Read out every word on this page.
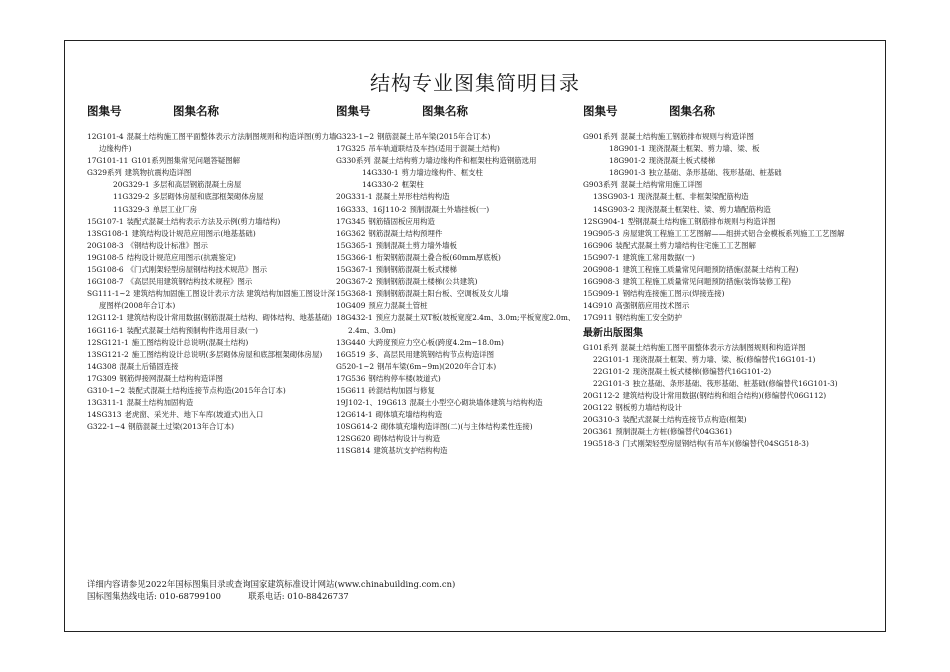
结构专业图集简明目录
图集号	图集名称
12G101-4 混凝土结构施工图平面整体表示方法制图规则和构造详图(剪力墙边缘构件)
17G101-11 G101系列图集常见问题答疑图解
G329系列 建筑物抗震构造详图
20G329-1 多层和高层钢筋混凝土房屋
11G329-2 多层砌体房屋和底部框架砌体房屋
11G329-3 单层工业厂房
15G107-1 装配式混凝土结构表示方法及示例(剪力墙结构)
13SG108-1 建筑结构设计规范应用图示(地基基础)
20G108-3 《钢结构设计标准》图示
19G108-5 结构设计规范应用图示(抗震鉴定)
15G108-6 《门式刚架轻型房屋钢结构技术规范》图示
16G108-7 《高层民用建筑钢结构技术规程》图示
SG111-1~2 建筑结构加固施工图设计表示方法 建筑结构加固施工图设计深度图样(2008年合订本)
12G112-1 建筑结构设计常用数据(钢筋混凝土结构、砌体结构、地基基础)
16G116-1 装配式混凝土结构预制构件选用目录(一)
12SG121-1 施工图结构设计总说明(混凝土结构)
13SG121-2 施工图结构设计总说明(多层砌体房屋和底部框架砌体房屋)
14G308 混凝土后锚固连接
17G309 钢筋焊接网混凝土结构构造详图
G310-1~2 装配式混凝土结构连接节点构造(2015年合订本)
13G311-1 混凝土结构加固构造
14SG313 老虎窗、采光井、地下车库(坡道式)出入口
G322-1~4 钢筋混凝土过梁(2013年合订本)
图集号	图集名称
G323-1~2 钢筋混凝土吊车梁(2015年合订本)
17G325 吊车轨道联结及车挡(适用于混凝土结构)
G330系列 混凝土结构剪力墙边缘构件和框架柱构造钢筋选用
14G330-1 剪力墙边缘构件、框支柱
14G330-2 框架柱
20G331-1 混凝土异形柱结构构造
16G333、16J110-2 预制混凝土外墙挂板(一)
17G345 钢筋锚固板应用构造
16G362 钢筋混凝土结构预埋件
15G365-1 预制混凝土剪力墙外墙板
15G366-1 桁架钢筋混凝土叠合板(60mm厚底板)
15G367-1 预制钢筋混凝土板式楼梯
20G367-2 预制钢筋混凝土楼梯(公共建筑)
15G368-1 预制钢筋混凝土阳台板、空调板及女儿墙
10G409 预应力混凝土管桩
18G432-1 预应力混凝土双T板(坡板宽度2.4m、3.0m;平板宽度2.0m、2.4m、3.0m)
13G440 大跨度预应力空心板(跨度4.2m~18.0m)
16G519 多、高层民用建筑钢结构节点构造详图
G520-1~2 钢吊车梁(6m~9m)(2020年合订本)
17G536 钢结构停车楼(坡道式)
15G611 砖混结构加固与修复
19J102-1、19G613 混凝土小型空心砌块墙体建筑与结构构造
12G614-1 砌体填充墙结构构造
10SG614-2 砌体填充墙构造详图(二)(与主体结构柔性连接)
12SG620 砌体结构设计与构造
11SG814 建筑基坑支护结构构造
图集号	图集名称
G901系列 混凝土结构施工钢筋排布规则与构造详图
18G901-1 现浇混凝土框架、剪力墙、梁、板
18G901-2 现浇混凝土板式楼梯
18G901-3 独立基础、条形基础、筏形基础、桩基础
G903系列 混凝土结构常用施工详图
13SG903-1 现浇混凝土框、非框架梁配筋构造
14SG903-2 现浇混凝土框架柱、梁、剪力墙配筋构造
12SG904-1 型钢混凝土结构施工钢筋排布规则与构造详图
19G905-3 房屋建筑工程施工工艺图解——组拼式铝合金模板系列施工工艺图解
16G906 装配式混凝土剪力墙结构住宅施工工艺图解
15G907-1 建筑施工常用数据(一)
20G908-1 建筑工程施工质量常见问题预防措施(混凝土结构工程)
16G908-3 建筑工程施工质量常见问题预防措施(装饰装修工程)
15G909-1 钢结构连接施工图示(焊接连接)
14G910 高强钢筋应用技术图示
17G911 钢结构施工安全防护
最新出版图集
G101系列 混凝土结构施工图平面整体表示方法制图规则和构造详图
22G101-1 现浇混凝土框架、剪力墙、梁、板(修编替代16G101-1)
22G101-2 现浇混凝土板式楼梯(修编替代16G101-2)
22G101-3 独立基础、条形基础、筏形基础、桩基础(修编替代16G101-3)
20G112-2 建筑结构设计常用数据(钢结构和组合结构)(修编替代06G112)
20G122 钢板剪力墙结构设计
20G310-3 装配式混凝土结构连接节点构造(框架)
20G361 预制混凝土方桩(修编替代04G361)
19G518-3 门式刚架轻型房屋钢结构(有吊车)(修编替代04SG518-3)
详细内容请参见2022年国标图集目录或查询国家建筑标准设计网站(www.chinabuilding.com.cn)
国标图集热线电话: 010-68799100	联系电话: 010-88426737
